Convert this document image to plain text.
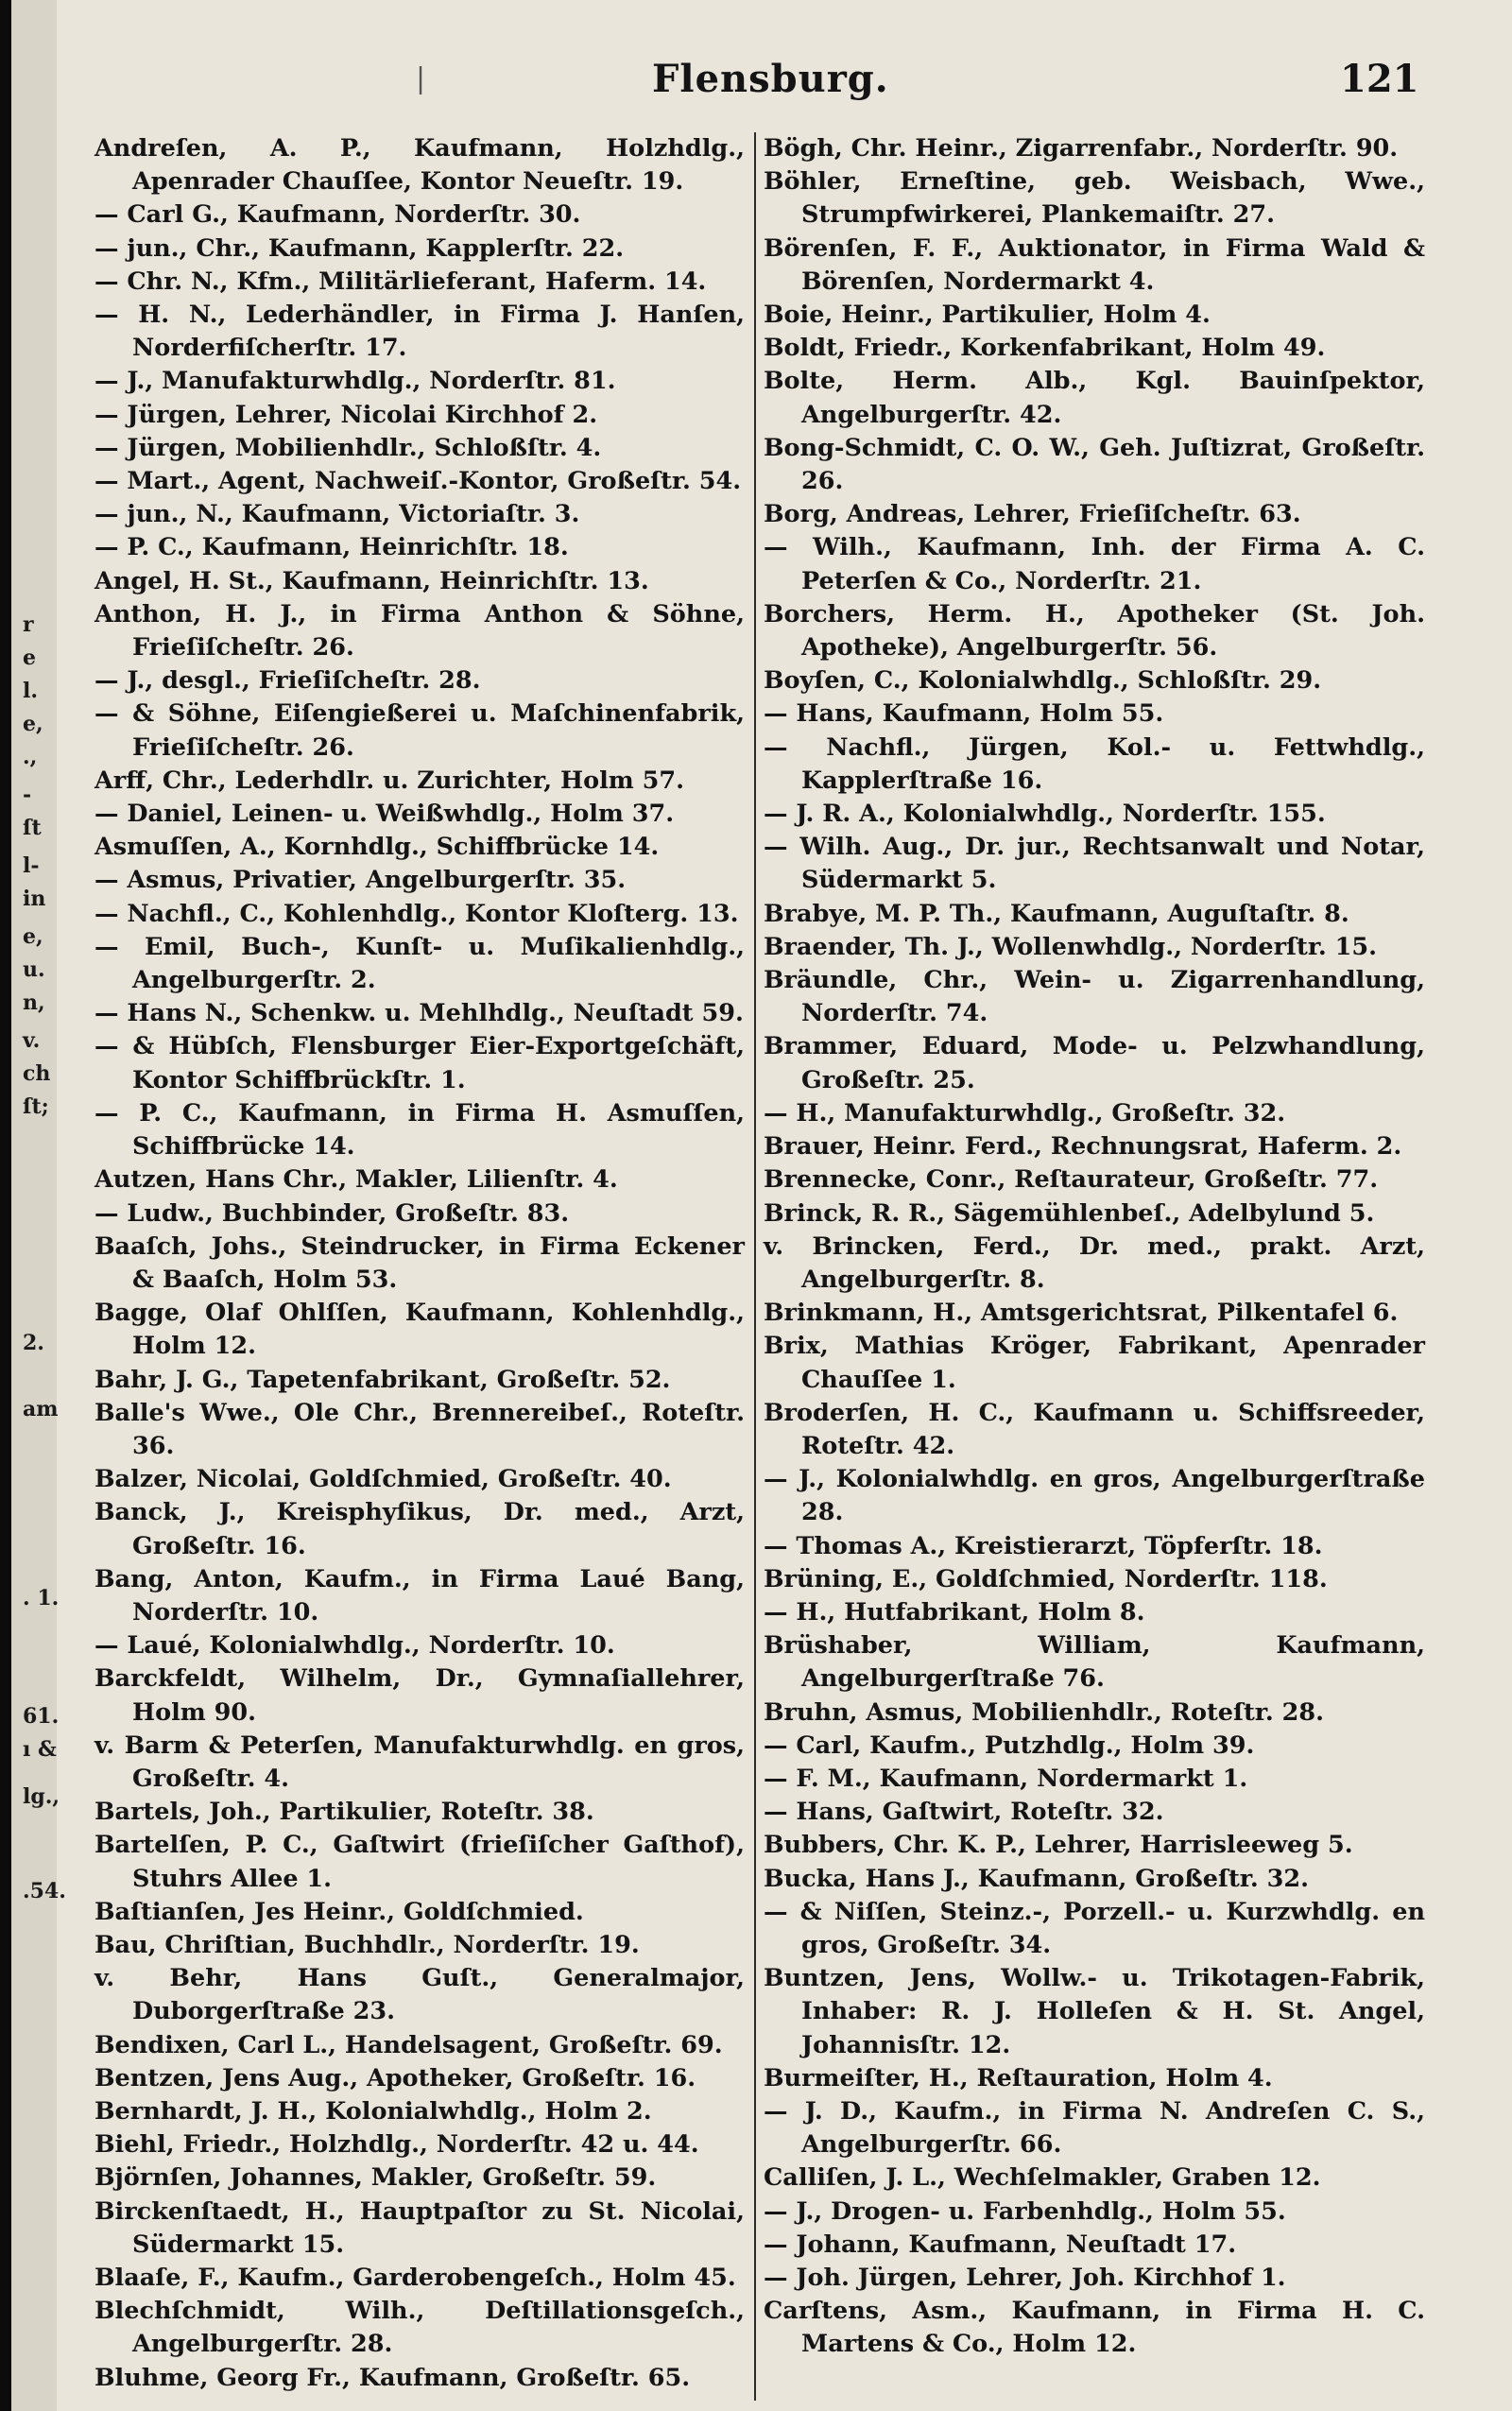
r
e
l.
e,
.,
-
ſt
l-
in
e,
u.
n,
v.
ch
ſt;
2.
am
. 1.
61.
ı &
lg.,
.54.
|	Flensburg.	121
Andreſen, A. P., Kaufmann, Holzhdlg., Apenrader Chauſſee, Kontor Neueſtr. 19.
— Carl G., Kaufmann, Norderſtr. 30.
— jun., Chr., Kaufmann, Kapplerſtr. 22.
— Chr. N., Kfm., Militärlieferant, Haferm. 14.
— H. N., Lederhändler, in Firma J. Hanſen, Norderfiſcherſtr. 17.
— J., Manufakturwhdlg., Norderſtr. 81.
— Jürgen, Lehrer, Nicolai Kirchhof 2.
— Jürgen, Mobilienhdlr., Schloßſtr. 4.
— Mart., Agent, Nachweiſ.-Kontor, Großeſtr. 54.
— jun., N., Kaufmann, Victoriaſtr. 3.
— P. C., Kaufmann, Heinrichſtr. 18.
Angel, H. St., Kaufmann, Heinrichſtr. 13.
Anthon, H. J., in Firma Anthon & Söhne, Frieſiſcheſtr. 26.
— J., desgl., Frieſiſcheſtr. 28.
— & Söhne, Eiſengießerei u. Maſchinenfabrik, Frieſiſcheſtr. 26.
Arff, Chr., Lederhdlr. u. Zurichter, Holm 57.
— Daniel, Leinen- u. Weißwhdlg., Holm 37.
Asmuſſen, A., Kornhdlg., Schiffbrücke 14.
— Asmus, Privatier, Angelburgerſtr. 35.
— Nachfl., C., Kohlenhdlg., Kontor Kloſterg. 13.
— Emil, Buch-, Kunſt- u. Muſikalienhdlg., Angelburgerſtr. 2.
— Hans N., Schenkw. u. Mehlhdlg., Neuſtadt 59.
— & Hübſch, Flensburger Eier-Exportgeſchäft, Kontor Schiffbrückſtr. 1.
— P. C., Kaufmann, in Firma H. Asmuſſen, Schiffbrücke 14.
Autzen, Hans Chr., Makler, Lilienſtr. 4.
— Ludw., Buchbinder, Großeſtr. 83.
Baaſch, Johs., Steindrucker, in Firma Eckener & Baaſch, Holm 53.
Bagge, Olaf Ohlſſen, Kaufmann, Kohlenhdlg., Holm 12.
Bahr, J. G., Tapetenfabrikant, Großeſtr. 52.
Balle's Wwe., Ole Chr., Brennereibeſ., Roteſtr. 36.
Balzer, Nicolai, Goldſchmied, Großeſtr. 40.
Banck, J., Kreisphyſikus, Dr. med., Arzt, Großeſtr. 16.
Bang, Anton, Kaufm., in Firma Laué Bang, Norderſtr. 10.
— Laué, Kolonialwhdlg., Norderſtr. 10.
Barckfeldt, Wilhelm, Dr., Gymnaſiallehrer, Holm 90.
v. Barm & Peterſen, Manufakturwhdlg. en gros, Großeſtr. 4.
Bartels, Joh., Partikulier, Roteſtr. 38.
Bartelſen, P. C., Gaſtwirt (frieſiſcher Gaſthof), Stuhrs Allee 1.
Baſtianſen, Jes Heinr., Goldſchmied.
Bau, Chriſtian, Buchhdlr., Norderſtr. 19.
v. Behr, Hans Guſt., Generalmajor, Duborgerſtraße 23.
Bendixen, Carl L., Handelsagent, Großeſtr. 69.
Bentzen, Jens Aug., Apotheker, Großeſtr. 16.
Bernhardt, J. H., Kolonialwhdlg., Holm 2.
Biehl, Friedr., Holzhdlg., Norderſtr. 42 u. 44.
Björnſen, Johannes, Makler, Großeſtr. 59.
Birckenſtaedt, H., Hauptpaſtor zu St. Nicolai, Südermarkt 15.
Blaaſe, F., Kaufm., Garderobengeſch., Holm 45.
Blechſchmidt, Wilh., Deſtillationsgeſch., Angelburgerſtr. 28.
Bluhme, Georg Fr., Kaufmann, Großeſtr. 65.
Bögh, Chr. Heinr., Zigarrenfabr., Norderſtr. 90.
Böhler, Erneſtine, geb. Weisbach, Wwe., Strumpfwirkerei, Plankemaiſtr. 27.
Börenſen, F. F., Auktionator, in Firma Wald & Börenſen, Nordermarkt 4.
Boie, Heinr., Partikulier, Holm 4.
Boldt, Friedr., Korkenfabrikant, Holm 49.
Bolte, Herm. Alb., Kgl. Bauinſpektor, Angelburgerſtr. 42.
Bong-Schmidt, C. O. W., Geh. Juſtizrat, Großeſtr. 26.
Borg, Andreas, Lehrer, Frieſiſcheſtr. 63.
— Wilh., Kaufmann, Inh. der Firma A. C. Peterſen & Co., Norderſtr. 21.
Borchers, Herm. H., Apotheker (St. Joh. Apotheke), Angelburgerſtr. 56.
Boyſen, C., Kolonialwhdlg., Schloßſtr. 29.
— Hans, Kaufmann, Holm 55.
— Nachfl., Jürgen, Kol.- u. Fettwhdlg., Kapplerſtraße 16.
— J. R. A., Kolonialwhdlg., Norderſtr. 155.
— Wilh. Aug., Dr. jur., Rechtsanwalt und Notar, Südermarkt 5.
Brabye, M. P. Th., Kaufmann, Auguſtaſtr. 8.
Braender, Th. J., Wollenwhdlg., Norderſtr. 15.
Bräundle, Chr., Wein- u. Zigarrenhandlung, Norderſtr. 74.
Brammer, Eduard, Mode- u. Pelzwhandlung, Großeſtr. 25.
— H., Manufakturwhdlg., Großeſtr. 32.
Brauer, Heinr. Ferd., Rechnungsrat, Haferm. 2.
Brennecke, Conr., Reſtaurateur, Großeſtr. 77.
Brinck, R. R., Sägemühlenbeſ., Adelbylund 5.
v. Brincken, Ferd., Dr. med., prakt. Arzt, Angelburgerſtr. 8.
Brinkmann, H., Amtsgerichtsrat, Pilkentafel 6.
Brix, Mathias Kröger, Fabrikant, Apenrader Chauſſee 1.
Broderſen, H. C., Kaufmann u. Schiffsreeder, Roteſtr. 42.
— J., Kolonialwhdlg. en gros, Angelburgerſtraße 28.
— Thomas A., Kreistierarzt, Töpferſtr. 18.
Brüning, E., Goldſchmied, Norderſtr. 118.
— H., Hutfabrikant, Holm 8.
Brüshaber, William, Kaufmann, Angelburgerſtraße 76.
Bruhn, Asmus, Mobilienhdlr., Roteſtr. 28.
— Carl, Kaufm., Putzhdlg., Holm 39.
— F. M., Kaufmann, Nordermarkt 1.
— Hans, Gaſtwirt, Roteſtr. 32.
Bubbers, Chr. K. P., Lehrer, Harrisleeweg 5.
Bucka, Hans J., Kaufmann, Großeſtr. 32.
— & Niſſen, Steinz.-, Porzell.- u. Kurzwhdlg. en gros, Großeſtr. 34.
Buntzen, Jens, Wollw.- u. Trikotagen-Fabrik, Inhaber: R. J. Holleſen & H. St. Angel, Johannisſtr. 12.
Burmeiſter, H., Reſtauration, Holm 4.
— J. D., Kaufm., in Firma N. Andreſen C. S., Angelburgerſtr. 66.
Calliſen, J. L., Wechſelmakler, Graben 12.
— J., Drogen- u. Farbenhdlg., Holm 55.
— Johann, Kaufmann, Neuſtadt 17.
— Joh. Jürgen, Lehrer, Joh. Kirchhof 1.
Carſtens, Asm., Kaufmann, in Firma H. C. Martens & Co., Holm 12.
